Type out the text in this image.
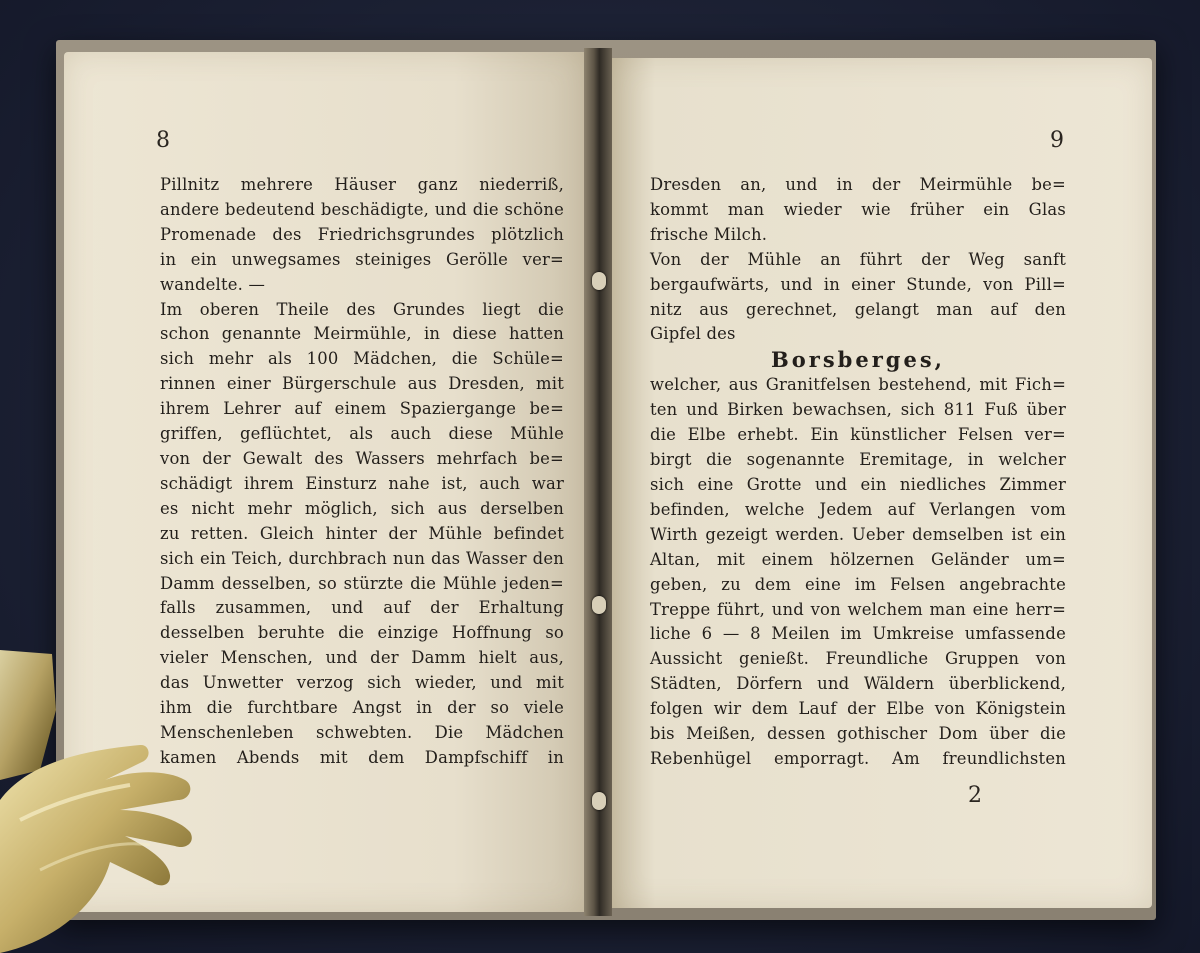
8
Pillnitz mehrere Häuser ganz niederriß,
andere bedeutend beschädigte, und die schöne
Promenade des Friedrichsgrundes plötzlich
in ein unwegsames steiniges Gerölle ver=
wandelte. —
Im oberen Theile des Grundes liegt die
schon genannte Meirmühle, in diese hatten
sich mehr als 100 Mädchen, die Schüle=
rinnen einer Bürgerschule aus Dresden, mit
ihrem Lehrer auf einem Spaziergange be=
griffen, geflüchtet, als auch diese Mühle
von der Gewalt des Wassers mehrfach be=
schädigt ihrem Einsturz nahe ist, auch war
es nicht mehr möglich, sich aus derselben
zu retten. Gleich hinter der Mühle befindet
sich ein Teich, durchbrach nun das Wasser den
Damm desselben, so stürzte die Mühle jeden=
falls zusammen, und auf der Erhaltung
desselben beruhte die einzige Hoffnung so
vieler Menschen, und der Damm hielt aus,
das Unwetter verzog sich wieder, und mit
ihm die furchtbare Angst in der so viele
Menschenleben schwebten. Die Mädchen
kamen Abends mit dem Dampfschiff in
9
Dresden an, und in der Meirmühle be=
kommt man wieder wie früher ein Glas
frische Milch.
Von der Mühle an führt der Weg sanft
bergaufwärts, und in einer Stunde, von Pill=
nitz aus gerechnet, gelangt man auf den
Gipfel des
Borsberges,
welcher, aus Granitfelsen bestehend, mit Fich=
ten und Birken bewachsen, sich 811 Fuß über
die Elbe erhebt. Ein künstlicher Felsen ver=
birgt die sogenannte Eremitage, in welcher
sich eine Grotte und ein niedliches Zimmer
befinden, welche Jedem auf Verlangen vom
Wirth gezeigt werden. Ueber demselben ist ein
Altan, mit einem hölzernen Geländer um=
geben, zu dem eine im Felsen angebrachte
Treppe führt, und von welchem man eine herr=
liche 6 — 8 Meilen im Umkreise umfassende
Aussicht genießt. Freundliche Gruppen von
Städten, Dörfern und Wäldern überblickend,
folgen wir dem Lauf der Elbe von Königstein
bis Meißen, dessen gothischer Dom über die
Rebenhügel emporragt. Am freundlichsten
2
